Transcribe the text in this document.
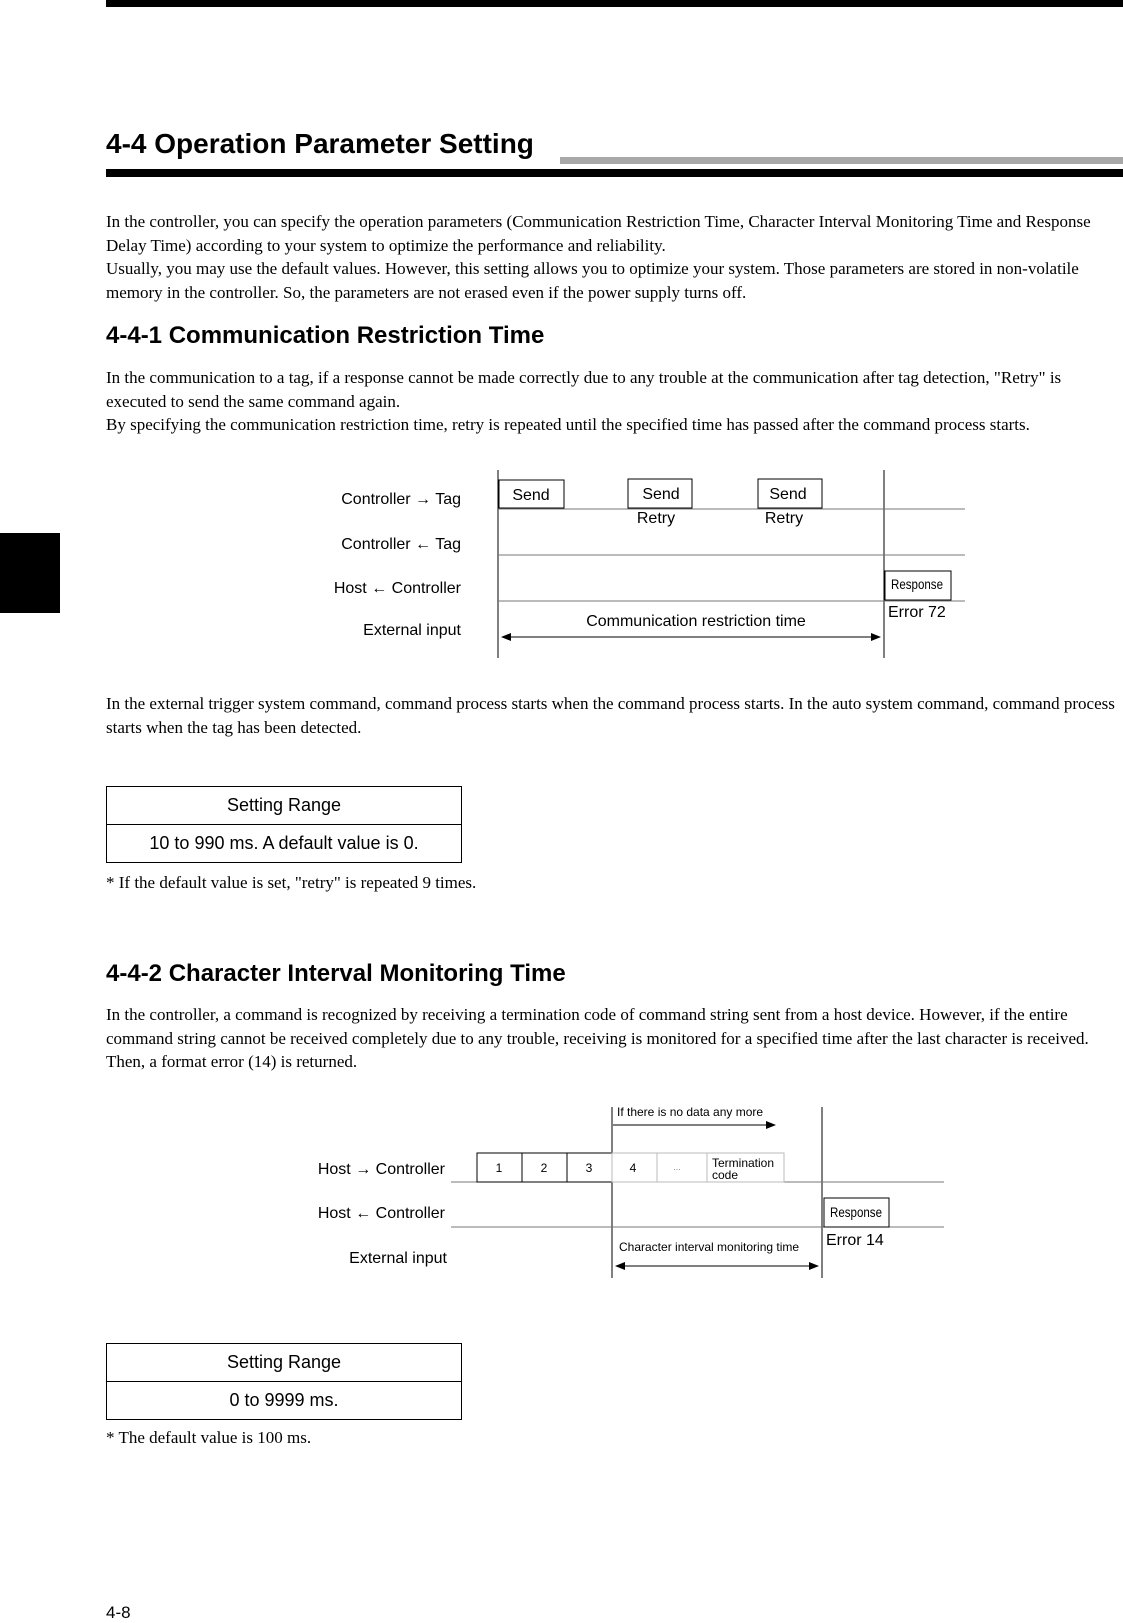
4-4 Operation Parameter Setting

In the controller, you can specify the operation parameters (Communication Restriction Time, Character Interval Monitoring Time and Response Delay Time) according to your system to optimize the performance and reliability.

Usually, you may use the default values. However, this setting allows you to optimize your system. Those parameters are stored in non-volatile memory in the controller. So, the parameters are not erased even if the power supply turns off.

4-4-1 Communication Restriction Time

In the communication to a tag, if a response cannot be made correctly due to any trouble at the communication after tag detection, "Retry" is executed to send the same command again.

By specifying the communication restriction time, retry is repeated until the specified time has passed after the command process starts.

Controller → Tag
Controller ← Tag
Host ← Controller
External input
Send	Send
Retry
Send
Retry
Response
Error 72
Communication restriction time

In the external trigger system command, command process starts when the command process starts. In the auto system command, command process starts when the tag has been detected.

Setting Range
10 to 990 ms. A default value is 0.
* If the default value is set, "retry" is repeated 9 times.
4-4-2 Character Interval Monitoring Time

In the controller, a command is recognized by receiving a termination code of command string sent from a host device. However, if the entire command string cannot be received completely due to any trouble, receiving is monitored for a specified time after the last character is received. Then, a format error (14) is returned.

Host → Controller
Host ← Controller
External input
If there is no data any more
1	2	3	4	...	Termination
code
Response
Error 14
Character interval monitoring time
Setting Range
0 to 9999 ms.
* The default value is 100 ms.
4-8
